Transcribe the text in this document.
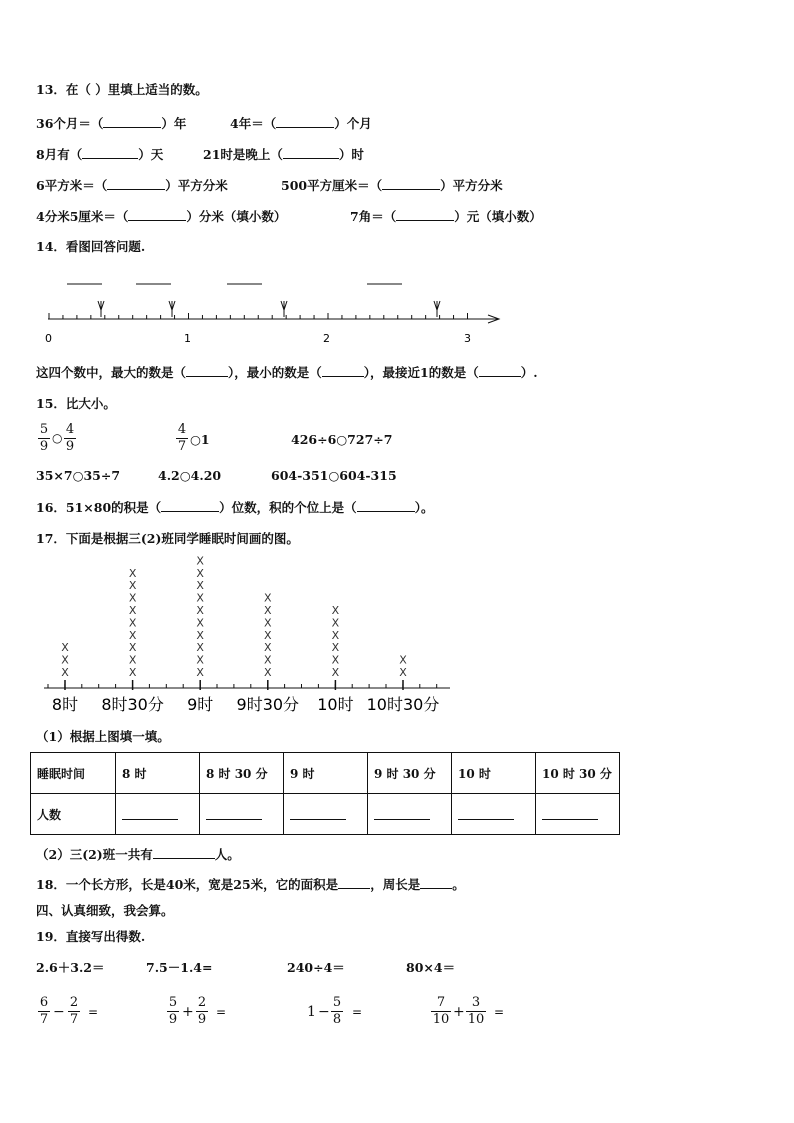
13．在（ ）里填上适当的数。
36个月＝（	）年	4年＝（	）个月
8月有（	）天	21时是晚上（	）时
6平方米＝（	）平方分米	500平方厘米＝（	）平方分米
4分米5厘米＝（	）分米（填小数）	7角＝（	）元（填小数）
14．看图回答问题.
0	1	2	3
这四个数中，最大的数是（	），最小的数是（	），最接近1的数是（	）.
15．比大小。
5
9
○
4
9
4
7 ○1	426÷6○727÷7
35×7○35÷7	4.2○4.20	604-351○604-315
16．51×80的积是（	）位数，积的个位上是（	）。
17．下面是根据三(2)班同学睡眠时间画的图。
X
X
X
X
X
X
X
X
X
X
X
X
X
X
X
X
X
X
X
X
X
X
X
X
X
X
X
X
X
X
X
X
X
X
X
X
X
8时 8时30分 9时 9时30分 10时 10时30分
（1）根据上图填一填。
睡眠时间	8 时	8 时 30 分	9 时	9 时 30 分	10 时	10 时 30 分
人数						
（2）三(2)班一共有	人。
18．一个长方形，长是40米，宽是25米，它的面积是	，周长是	。
四、认真细致，我会算。
19．直接写出得数.
2.6＋3.2＝	7.5－1.4=	240÷4＝	80×4＝
6
7 −
2
7 =
5
9 +
2
9 =	1 −
5
8 =
7
10 +
3
10 =
